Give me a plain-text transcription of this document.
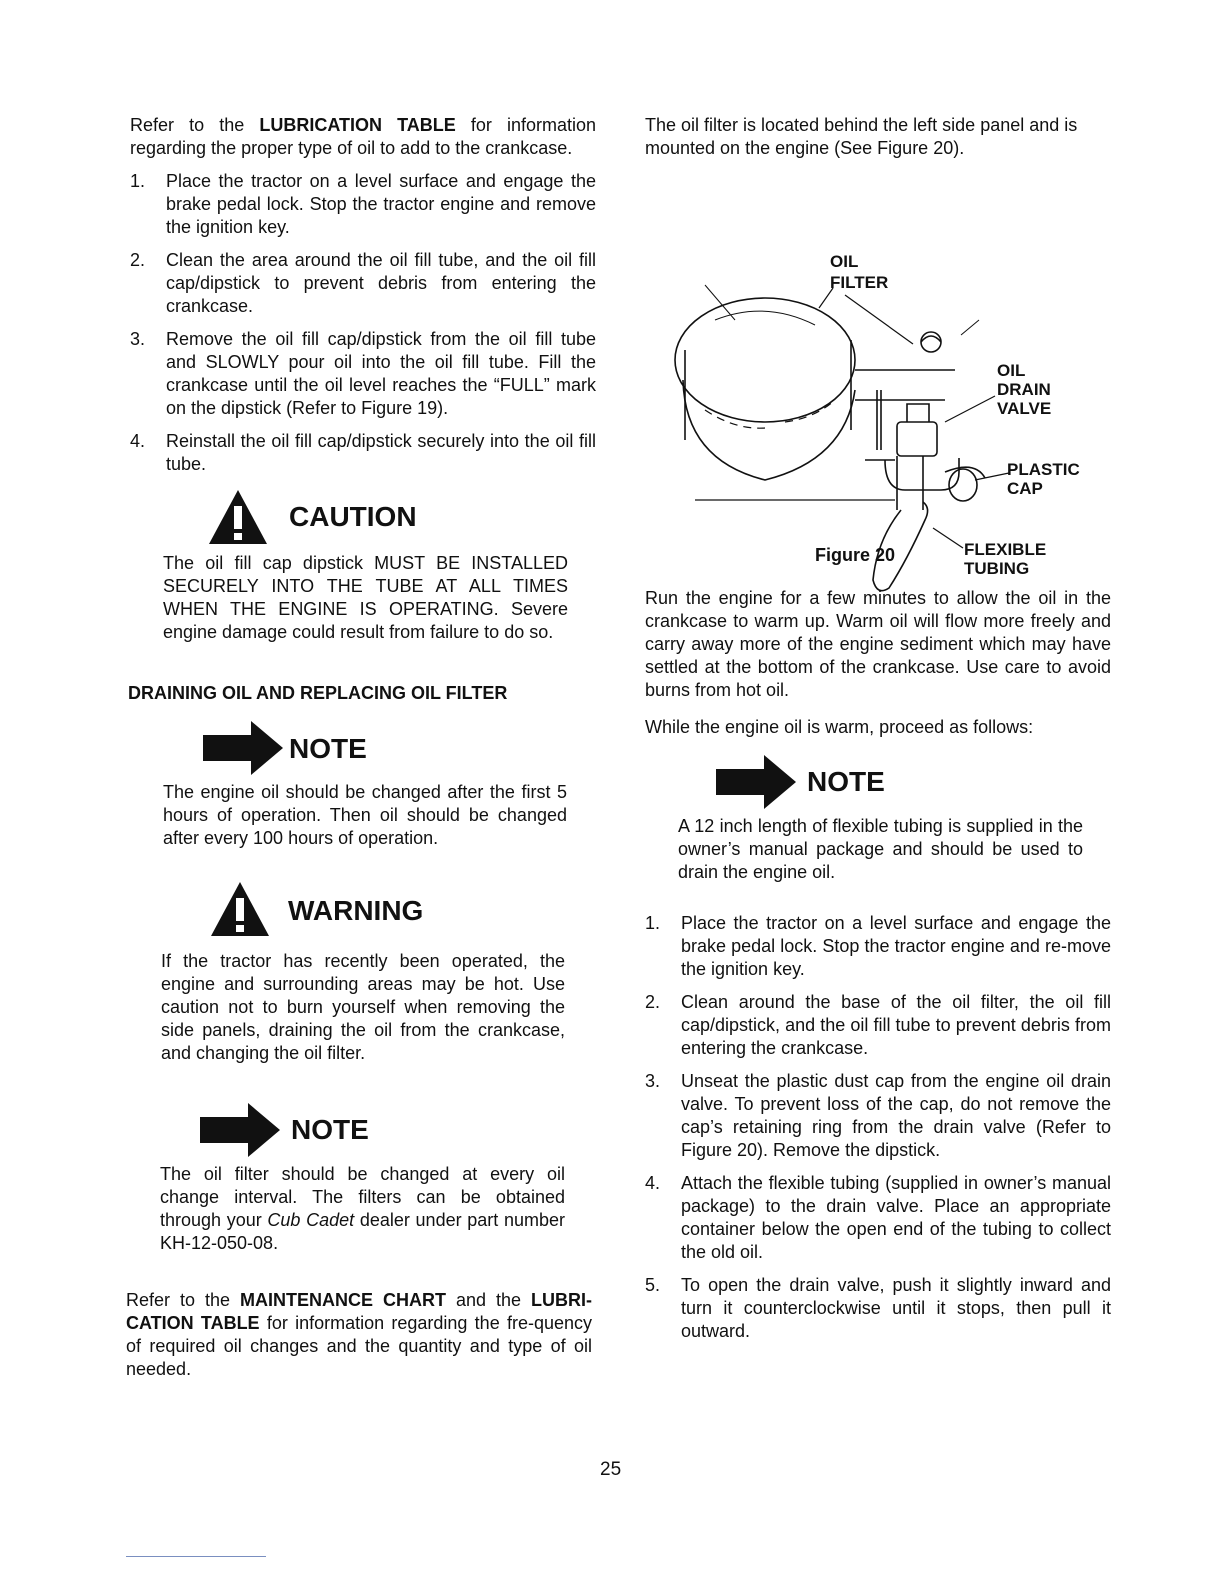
Refer to the LUBRICATION TABLE for information regarding the proper type of oil to add to the crankcase.

1. Place the tractor on a level surface and engage the brake pedal lock. Stop the tractor engine and remove the ignition key.
2. Clean the area around the oil fill tube, and the oil fill cap/dipstick to prevent debris from entering the crankcase.
3. Remove the oil fill cap/dipstick from the oil fill tube and SLOWLY pour oil into the oil fill tube. Fill the crankcase until the oil level reaches the “FULL” mark on the dipstick (Refer to Figure 19).
4. Reinstall the oil fill cap/dipstick securely into the oil fill tube.
CAUTION

The oil fill cap dipstick MUST BE INSTALLED SECURELY INTO THE TUBE AT ALL TIMES WHEN THE ENGINE IS OPERATING. Severe engine damage could result from failure to do so.

DRAINING OIL AND REPLACING OIL FILTER

NOTE

The engine oil should be changed after the first 5 hours of operation. Then oil should be changed after every 100 hours of operation.

WARNING

If the tractor has recently been operated, the engine and surrounding areas may be hot. Use caution not to burn yourself when removing the side panels, draining the oil from the crankcase, and changing the oil filter.

NOTE

The oil filter should be changed at every oil change interval. The filters can be obtained through your Cub Cadet dealer under part number KH-12-050-08.

Refer to the MAINTENANCE CHART and the LUBRI-CATION TABLE for information regarding the fre-quency of required oil changes and the quantity and type of oil needed.

The oil filter is located behind the left side panel and is mounted on the engine (See Figure 20).

OIL
FILTER
OIL
DRAIN
VALVE
PLASTIC
CAP
FLEXIBLE
TUBING

Figure 20

Run the engine for a few minutes to allow the oil in the crankcase to warm up. Warm oil will flow more freely and carry away more of the engine sediment which may have settled at the bottom of the crankcase. Use care to avoid burns from hot oil.

While the engine oil is warm, proceed as follows:

NOTE

A 12 inch length of flexible tubing is supplied in the owner’s manual package and should be used to drain the engine oil.

1. Place the tractor on a level surface and engage the brake pedal lock. Stop the tractor engine and re-move the ignition key.
2. Clean around the base of the oil filter, the oil fill cap/dipstick, and the oil fill tube to prevent debris from entering the crankcase.
3. Unseat the plastic dust cap from the engine oil drain valve. To prevent loss of the cap, do not remove the cap’s retaining ring from the drain valve (Refer to Figure 20). Remove the dipstick.
4. Attach the flexible tubing (supplied in owner’s manual package) to the drain valve. Place an appropriate container below the open end of the tubing to collect the old oil.
5. To open the drain valve, push it slightly inward and turn it counterclockwise until it stops, then pull it outward.
25
